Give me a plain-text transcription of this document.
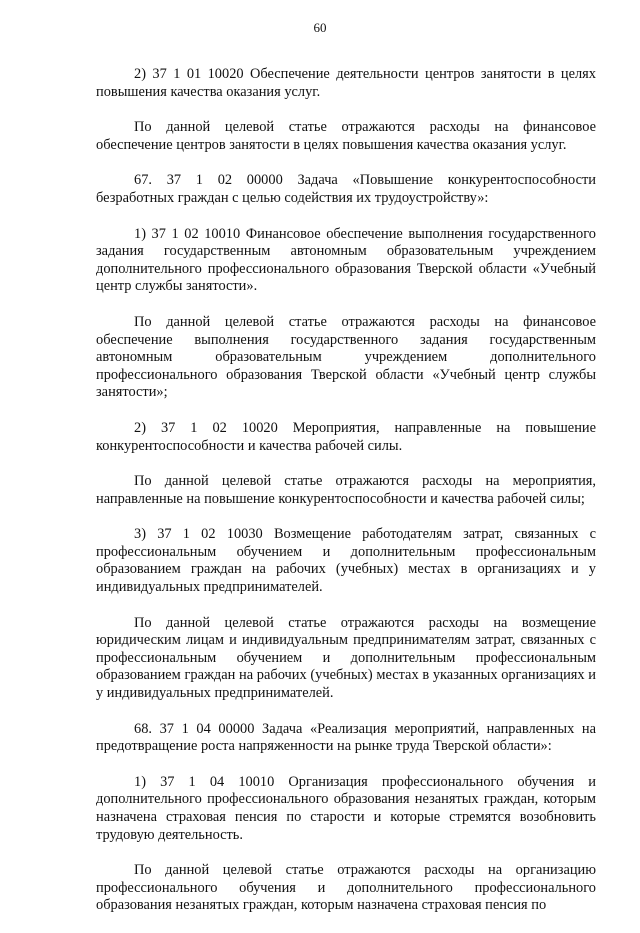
60

2) 37 1 01 10020 Обеспечение деятельности центров занятости в целях повышения качества оказания услуг.

По данной целевой статье отражаются расходы на финансовое обеспечение центров занятости в целях повышения качества оказания услуг.

67. 37 1 02 00000 Задача «Повышение конкурентоспособности безработных граждан с целью содействия их трудоустройству»:

1) 37 1 02 10010 Финансовое обеспечение выполнения государственного задания государственным автономным образовательным учреждением дополнительного профессионального образования Тверской области «Учебный центр службы занятости».

По данной целевой статье отражаются расходы на финансовое обеспечение выполнения государственного задания государственным автономным образовательным учреждением дополнительного профессионального образования Тверской области «Учебный центр службы занятости»;

2) 37 1 02 10020 Мероприятия, направленные на повышение конкурентоспособности и качества рабочей силы.

По данной целевой статье отражаются расходы на мероприятия, направленные на повышение конкурентоспособности и качества рабочей силы;

3) 37 1 02 10030 Возмещение работодателям затрат, связанных с профессиональным обучением и дополнительным профессиональным образованием граждан на рабочих (учебных) местах в организациях и у индивидуальных предпринимателей.

По данной целевой статье отражаются расходы на возмещение юридическим лицам и индивидуальным предпринимателям затрат, связанных с профессиональным обучением и дополнительным профессиональным образованием граждан на рабочих (учебных) местах в указанных организациях и у индивидуальных предпринимателей.

68. 37 1 04 00000 Задача «Реализация мероприятий, направленных на предотвращение роста напряженности на рынке труда Тверской области»:

1) 37 1 04 10010 Организация профессионального обучения и дополнительного профессионального образования незанятых граждан, которым назначена страховая пенсия по старости и которые стремятся возобновить трудовую деятельность.

По данной целевой статье отражаются расходы на организацию профессионального обучения и дополнительного профессионального образования незанятых граждан, которым назначена страховая пенсия по
